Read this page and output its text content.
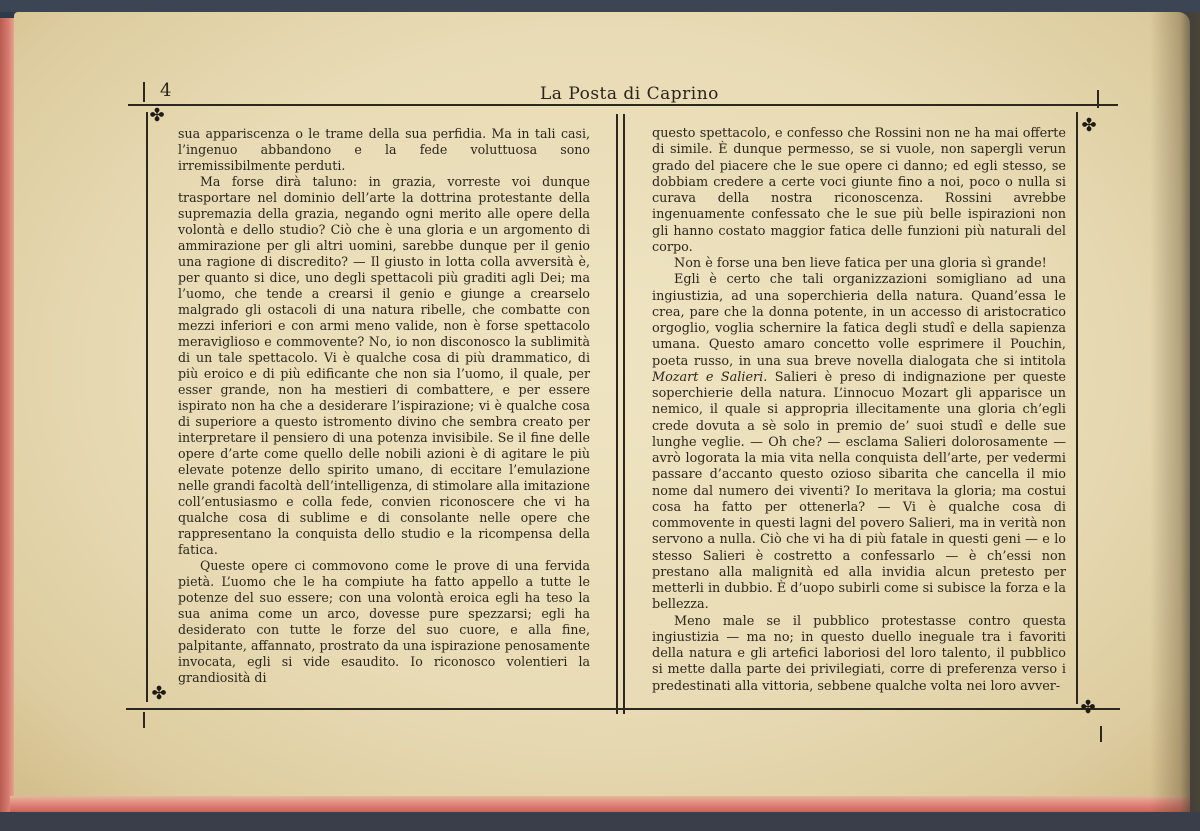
4	La Posta di Caprino
✤	✤
✤
✤

sua appariscenza o le trame della sua perfidia. Ma in tali casi, l’ingenuo abbandono e la fede voluttuosa sono irremissibilmente perduti.

Ma forse dirà taluno: in grazia, vorreste voi dunque trasportare nel dominio dell’arte la dottrina protestante della supremazia della grazia, negando ogni merito alle opere della volontà e dello studio? Ciò che è una gloria e un argomento di ammirazione per gli altri uomini, sarebbe dunque per il genio una ragione di discredito? — Il giusto in lotta colla avversità è, per quanto si dice, uno degli spettacoli più graditi agli Dei; ma l’uomo, che tende a crearsi il genio e giunge a crearselo malgrado gli ostacoli di una natura ribelle, che combatte con mezzi inferiori e con armi meno valide, non è forse spettacolo meraviglioso e commovente? No, io non disconosco la sublimità di un tale spettacolo. Vi è qualche cosa di più drammatico, di più eroico e di più edificante che non sia l’uomo, il quale, per esser grande, non ha mestieri di combattere, e per essere ispirato non ha che a desiderare l’ispirazione; vi è qualche cosa di superiore a questo istromento divino che sembra creato per interpretare il pensiero di una potenza invisibile. Se il fine delle opere d’arte come quello delle nobili azioni è di agitare le più elevate potenze dello spirito umano, di eccitare l’emulazione nelle grandi facoltà dell’intelligenza, di stimolare alla imitazione coll’entusiasmo e colla fede, convien riconoscere che vi ha qualche cosa di sublime e di consolante nelle opere che rappresentano la conquista dello studio e la ricompensa della fatica.

Queste opere ci commovono come le prove di una fervida pietà. L’uomo che le ha compiute ha fatto appello a tutte le potenze del suo essere; con una volontà eroica egli ha teso la sua anima come un arco, dovesse pure spezzarsi; egli ha desiderato con tutte le forze del suo cuore, e alla fine, palpitante, affannato, prostrato da una ispirazione penosamente invocata, egli si vide esaudito. Io riconosco volentieri la grandiosità di

questo spettacolo, e confesso che Rossini non ne ha mai offerte di simile. È dunque permesso, se si vuole, non sapergli verun grado del piacere che le sue opere ci danno; ed egli stesso, se dobbiam credere a certe voci giunte fino a noi, poco o nulla si curava della nostra riconoscenza. Rossini avrebbe ingenuamente confessato che le sue più belle ispirazioni non gli hanno costato maggior fatica delle funzioni più naturali del corpo.

Non è forse una ben lieve fatica per una gloria sì grande!

Egli è certo che tali organizzazioni somigliano ad una ingiustizia, ad una soperchieria della natura. Quand’essa le crea, pare che la donna potente, in un accesso di aristocratico orgoglio, voglia schernire la fatica degli studî e della sapienza umana. Questo amaro concetto volle esprimere il Pouchin, poeta russo, in una sua breve novella dialogata che si intitola Mozart e Salieri. Salieri è preso di indignazione per queste soperchierie della natura. L’innocuo Mozart gli apparisce un nemico, il quale si appropria illecitamente una gloria ch’egli crede dovuta a sè solo in premio de’ suoi studî e delle sue lunghe veglie. — Oh che? — esclama Salieri dolorosamente — avrò logorata la mia vita nella conquista dell’arte, per vedermi passare d’accanto questo ozioso sibarita che cancella il mio nome dal numero dei viventi? Io meritava la gloria; ma costui cosa ha fatto per ottenerla? — Vi è qualche cosa di commovente in questi lagni del povero Salieri, ma in verità non servono a nulla. Ciò che vi ha di più fatale in questi geni — e lo stesso Salieri è costretto a confessarlo — è ch’essi non prestano alla malignità ed alla invidia alcun pretesto per metterli in dubbio. È d’uopo subirli come si subisce la forza e la bellezza.

Meno male se il pubblico protestasse contro questa ingiustizia — ma no; in questo duello ineguale tra i favoriti della natura e gli artefici laboriosi del loro talento, il pubblico si mette dalla parte dei privilegiati, corre di preferenza verso i predestinati alla vittoria, sebbene qualche volta nei loro avver-
